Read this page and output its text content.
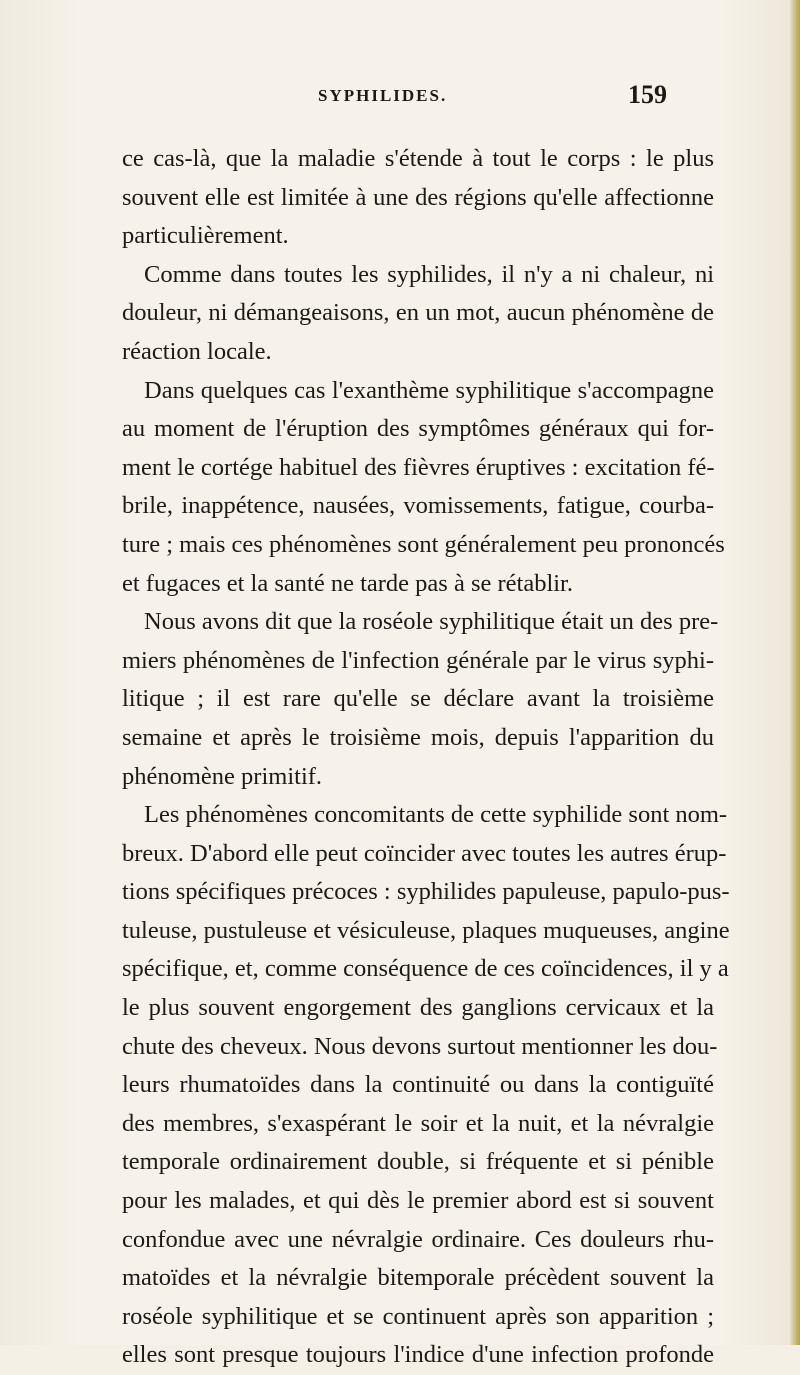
SYPHILIDES.	159
ce cas-là, que la maladie s'étende à tout le corps : le plus
souvent elle est limitée à une des régions qu'elle affectionne
particulièrement.
Comme dans toutes les syphilides, il n'y a ni chaleur, ni
douleur, ni démangeaisons, en un mot, aucun phénomène de
réaction locale.
Dans quelques cas l'exanthème syphilitique s'accompagne
au moment de l'éruption des symptômes généraux qui for-
ment le cortége habituel des fièvres éruptives : excitation fé-
brile, inappétence, nausées, vomissements, fatigue, courba-
ture ; mais ces phénomènes sont généralement peu prononcés
et fugaces et la santé ne tarde pas à se rétablir.
Nous avons dit que la roséole syphilitique était un des pre-
miers phénomènes de l'infection générale par le virus syphi-
litique ; il est rare qu'elle se déclare avant la troisième
semaine et après le troisième mois, depuis l'apparition du
phénomène primitif.
Les phénomènes concomitants de cette syphilide sont nom-
breux. D'abord elle peut coïncider avec toutes les autres érup-
tions spécifiques précoces : syphilides papuleuse, papulo-pus-
tuleuse, pustuleuse et vésiculeuse, plaques muqueuses, angine
spécifique, et, comme conséquence de ces coïncidences, il y a
le plus souvent engorgement des ganglions cervicaux et la
chute des cheveux. Nous devons surtout mentionner les dou-
leurs rhumatoïdes dans la continuité ou dans la contiguïté
des membres, s'exaspérant le soir et la nuit, et la névralgie
temporale ordinairement double, si fréquente et si pénible
pour les malades, et qui dès le premier abord est si souvent
confondue avec une névralgie ordinaire. Ces douleurs rhu-
matoïdes et la névralgie bitemporale précèdent souvent la
roséole syphilitique et se continuent après son apparition ;
elles sont presque toujours l'indice d'une infection profonde
